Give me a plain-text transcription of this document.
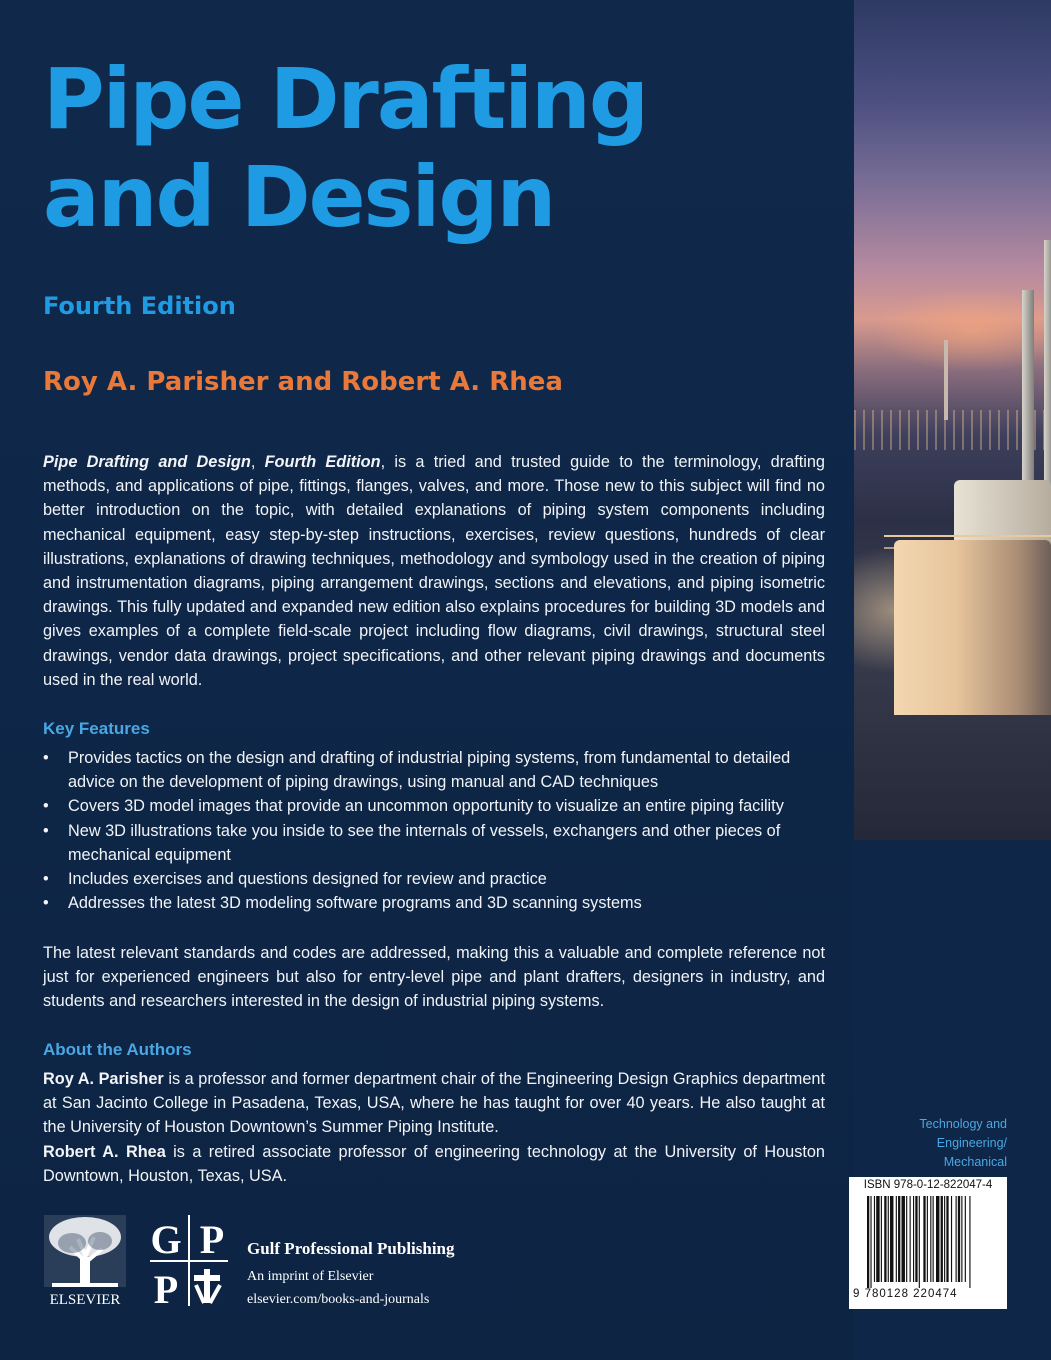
Pipe Drafting
and Design

Fourth Edition

Roy A. Parisher and Robert A. Rhea

Pipe Drafting and Design, Fourth Edition, is a tried and trusted guide to the terminology, drafting methods, and applications of pipe, fittings, flanges, valves, and more. Those new to this subject will find no better introduction on the topic, with detailed explanations of piping system components including mechanical equipment, easy step-by-step instructions, exercises, review questions, hundreds of clear illustrations, explanations of drawing techniques, methodology and symbology used in the creation of piping and instrumentation diagrams, piping arrangement drawings, sections and elevations, and piping isometric drawings. This fully updated and expanded new edition also explains procedures for building 3D models and gives examples of a complete field-scale project including flow diagrams, civil drawings, structural steel drawings, vendor data drawings, project specifications, and other relevant piping drawings and documents used in the real world.

Key Features

• Provides tactics on the design and drafting of industrial piping systems, from fundamental to detailed advice on the development of piping drawings, using manual and CAD techniques
• Covers 3D model images that provide an uncommon opportunity to visualize an entire piping facility
• New 3D illustrations take you inside to see the internals of vessels, exchangers and other pieces of mechanical equipment
• Includes exercises and questions designed for review and practice
• Addresses the latest 3D modeling software programs and 3D scanning systems

The latest relevant standards and codes are addressed, making this a valuable and complete reference not just for experienced engineers but also for entry-level pipe and plant drafters, designers in industry, and students and researchers interested in the design of industrial piping systems.

About the Authors

Roy A. Parisher is a professor and former department chair of the Engineering Design Graphics department at San Jacinto College in Pasadena, Texas, USA, where he has taught for over 40 years. He also taught at the University of Houston Downtown’s Summer Piping Institute.
Robert A. Rhea is a retired associate professor of engineering technology at the University of Houston Downtown, Houston, Texas, USA.

Technology and
Engineering/
Mechanical

ISBN 978-0-12-822047-4

9 780128 220474

ELSEVIER
G P
P

Gulf Professional Publishing

An imprint of Elsevier

elsevier.com/books-and-journals
